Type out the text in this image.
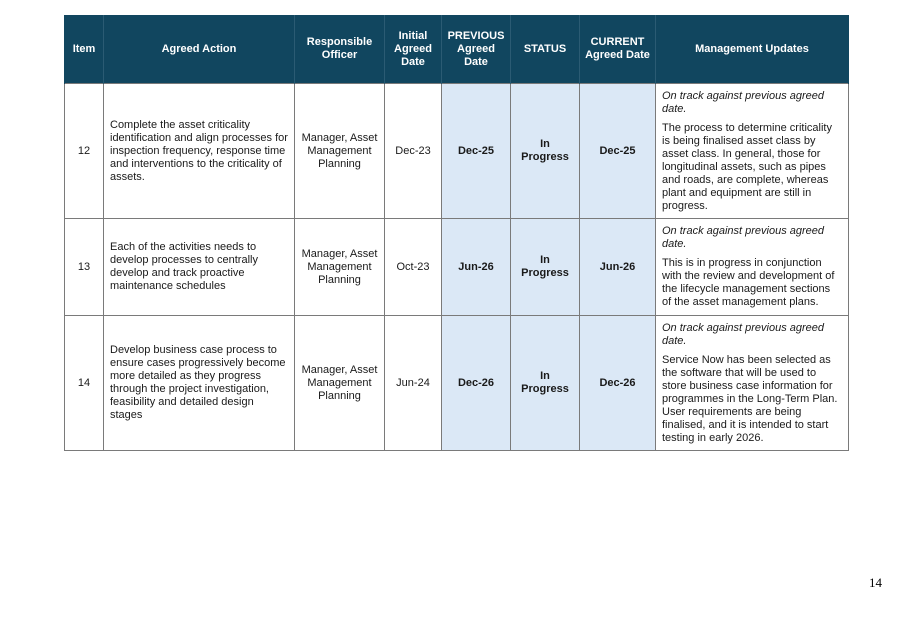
Item	Agreed Action	Responsible Officer	Initial Agreed Date	PREVIOUS Agreed Date	STATUS	CURRENT Agreed Date	Management Updates
12	Complete the asset criticality identification and align processes for inspection frequency, response time and interventions to the criticality of assets.	Manager, Asset Management Planning	Dec-23	Dec-25	In Progress	Dec-25	On track against previous agreed date.

The process to determine criticality is being finalised asset class by asset class. In general, those for longitudinal assets, such as pipes and roads, are complete, whereas plant and equipment are still in progress.

13	Each of the activities needs to develop processes to centrally develop and track proactive maintenance schedules	Manager, Asset Management Planning	Oct-23	Jun-26	In Progress	Jun-26	On track against previous agreed date.

This is in progress in conjunction with the review and development of the lifecycle management sections of the asset management plans.

14	Develop business case process to ensure cases progressively become more detailed as they progress through the project investigation, feasibility and detailed design stages	Manager, Asset Management Planning	Jun-24	Dec-26	In Progress	Dec-26	On track against previous agreed date.

Service Now has been selected as the software that will be used to store business case information for programmes in the Long-Term Plan. User requirements are being finalised, and it is intended to start testing in early 2026.

14
